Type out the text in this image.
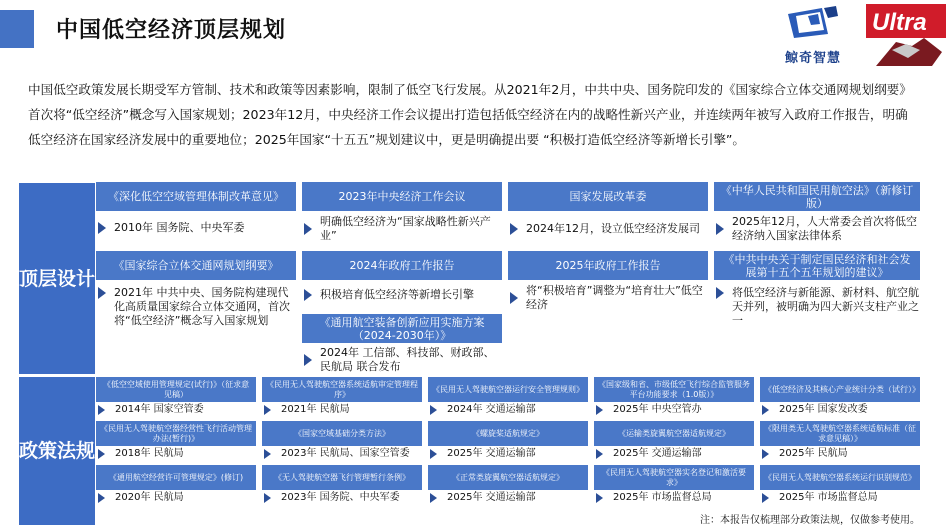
中国低空经济顶层规划
鲸奇智慧
Ultra
中国低空政策发展长期受军方管制、技术和政策等因素影响，限制了低空飞行发展。从2021年2月，中共中央、国务院印发的《国家综合立体交通网规划纲要》首次将“低空经济”概念写入国家规划；2023年12月，中央经济工作会议提出打造包括低空经济在内的战略性新兴产业，并连续两年被写入政府工作报告，明确低空经济在国家经济发展中的重要地位；2025年国家“十五五”规划建议中，更是明确提出要 “积极打造低空经济等新增长引擎”。
顶层设计
政策法规
《深化低空空域管理体制改革意见》
2010年 国务院、中央军委
2023年中央经济工作会议
明确低空经济为“国家战略性新兴产业”
国家发展改革委
2024年12月，设立低空经济发展司
《中华人民共和国民用航空法》（新修订版）
2025年12月，人大常委会首次将低空经济纳入国家法律体系
《国家综合立体交通网规划纲要》
2021年 中共中央、国务院构建现代化高质量国家综合立体交通网，首次将“低空经济”概念写入国家规划
2024年政府工作报告
积极培育低空经济等新增长引擎
2025年政府工作报告
将“积极培育”调整为“培育壮大”低空经济
《中共中央关于制定国民经济和社会发展第十五个五年规划的建议》
将低空经济与新能源、新材料、航空航天并列，被明确为四大新兴支柱产业之一
《通用航空装备创新应用实施方案（2024-2030年）》
2024年 工信部、科技部、财政部、民航局 联合发布
《低空空域使用管理规定(试行)》（征求意见稿）
2014年 国家空管委
《民用无人驾驶航空器系统适航审定管理程序》
2021年 民航局
《民用无人驾驶航空器运行安全管理规则》
2024年 交通运输部
《国家级和省、市级低空飞行综合监管服务平台功能要求（1.0版）》
2025年 中央空管办
《低空经济及其核心产业统计分类（试行）》
2025年 国家发改委
《民用无人驾驶航空器经营性飞行活动管理办法(暂行)》
2018年 民航局
《国家空域基础分类方法》
2023年 民航局、国家空管委
《螺旋桨适航规定》
2025年 交通运输部
《运输类旋翼航空器适航规定》
2025年 交通运输部
《限用类无人驾驶航空器系统适航标准（征求意见稿）》
2025年 民航局
《通用航空经营许可管理规定》(修订)
2020年 民航局
《无人驾驶航空器飞行管理暂行条例》
2023年 国务院、中央军委
《正常类旋翼航空器适航规定》
2025年 交通运输部
《民用无人驾驶航空器实名登记和激活要求》
2025年 市场监督总局
《民用无人驾驶航空器系统运行识别规范》
2025年 市场监督总局
注：本报告仅梳理部分政策法规，仅做参考使用。
